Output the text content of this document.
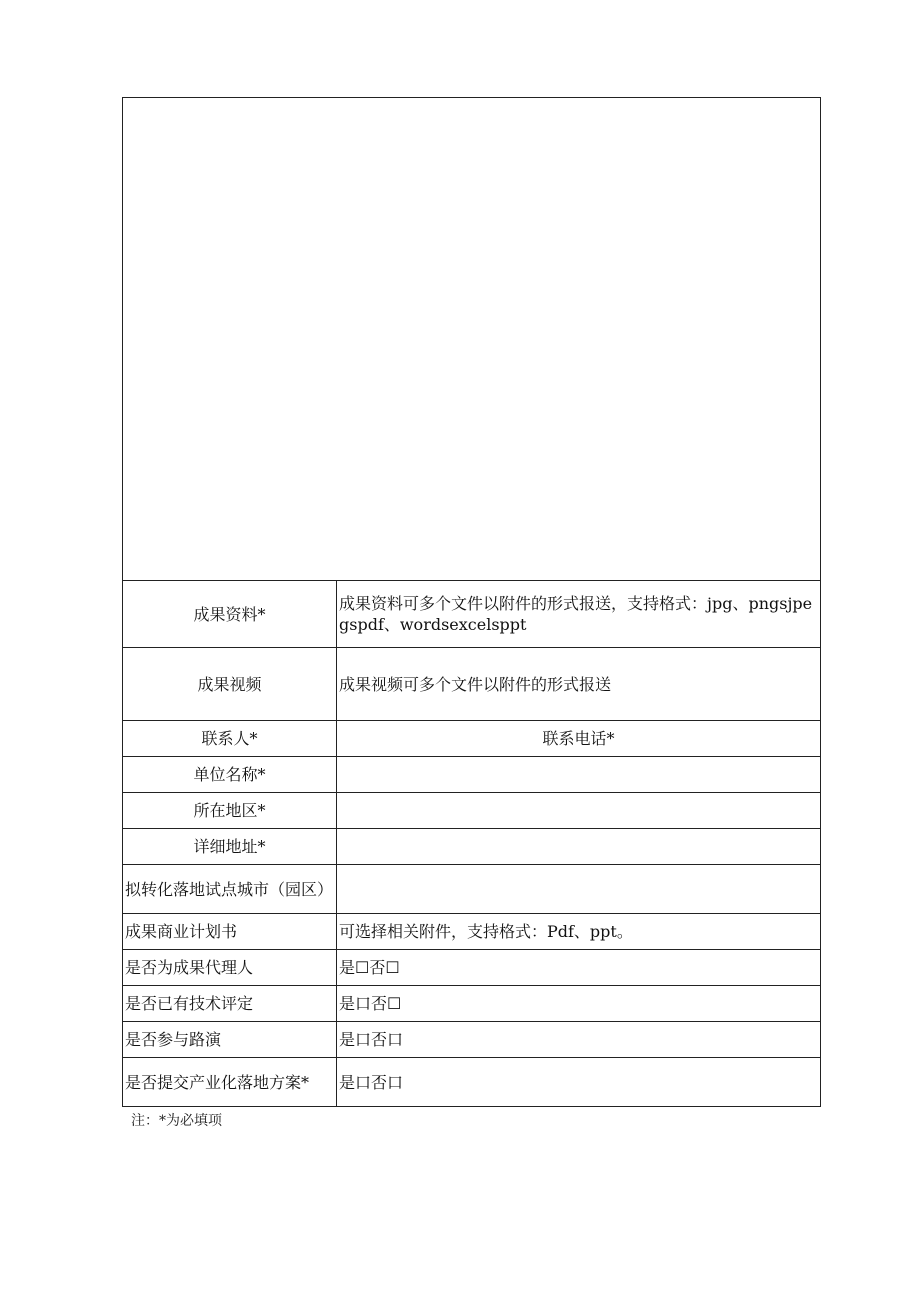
成果资料*	成果资料可多个文件以附件的形式报送，支持格式：jpg、pngsjpegspdf、wordsexcelsppt
成果视频	成果视频可多个文件以附件的形式报送
联系人*	联系电话*
单位名称*	
所在地区*	
详细地址*	
拟转化落地试点城市（园区）	
成果商业计划书	可选择相关附件，支持格式：Pdf、ppt。
是否为成果代理人	是☐否☐
是否已有技术评定	是口否☐
是否参与路演	是口否口
是否提交产业化落地方案*	是口否口
注：*为必填项
